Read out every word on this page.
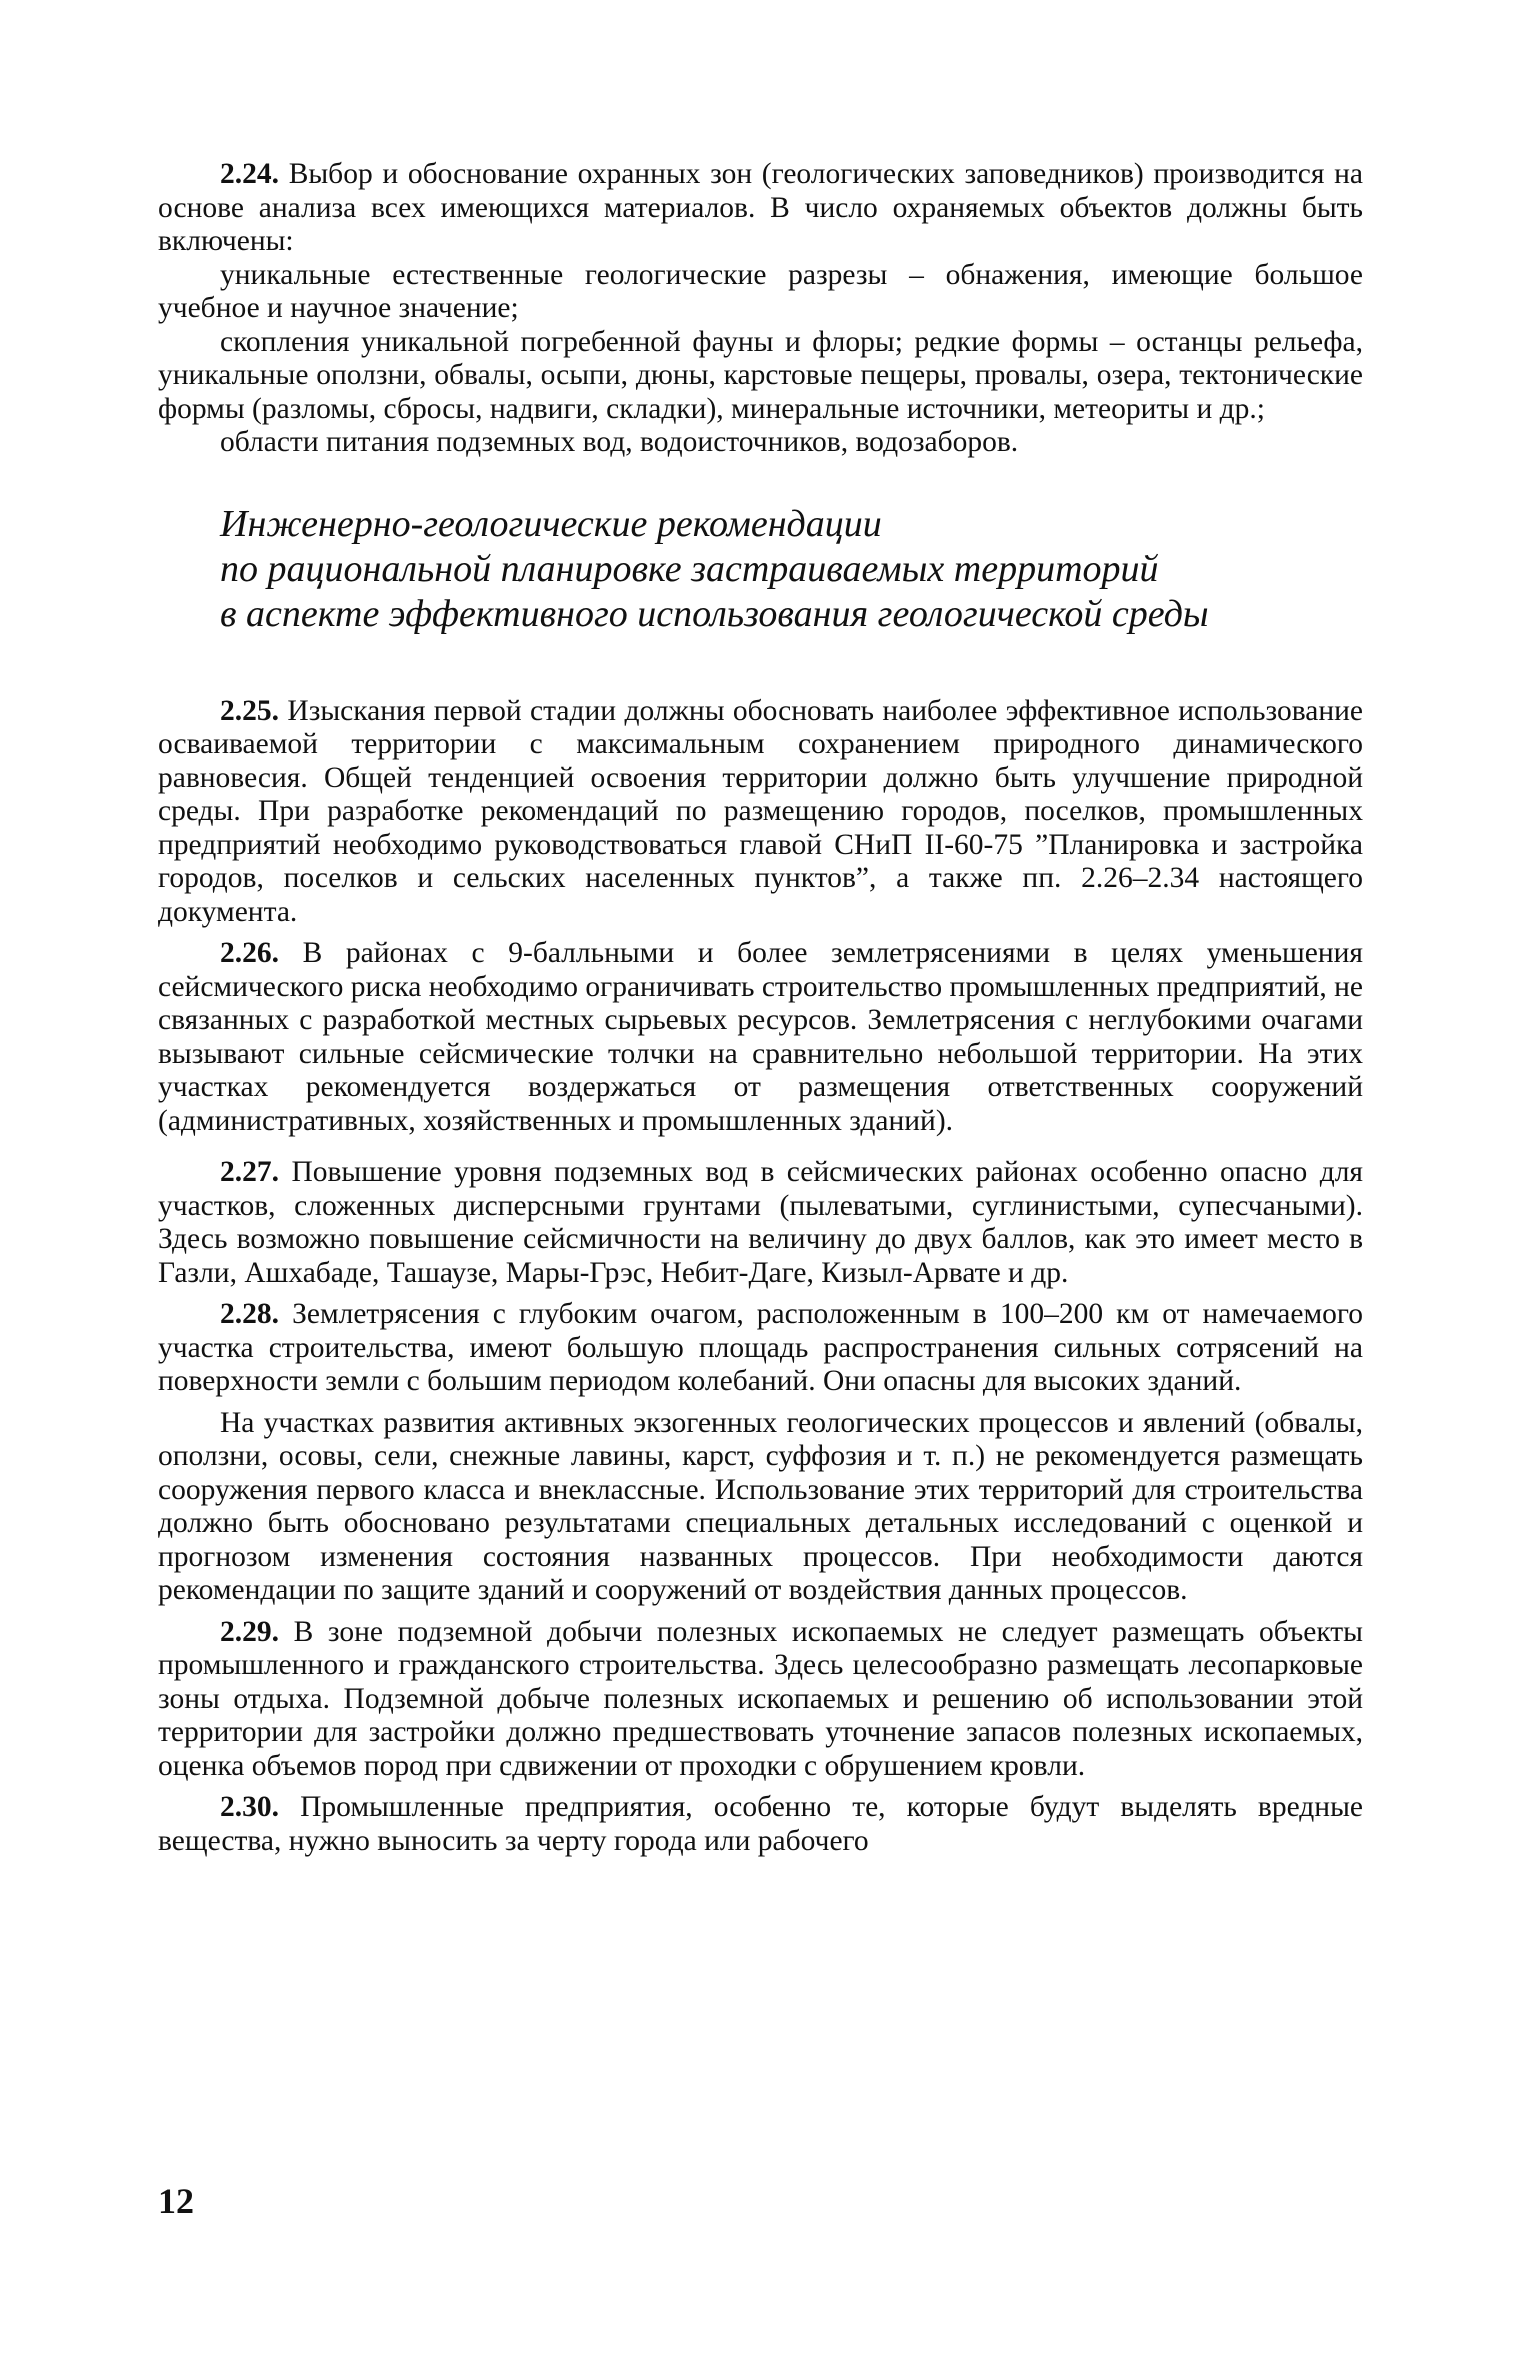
2.24. Выбор и обоснование охранных зон (геологических заповедников) производится на основе анализа всех имеющихся материалов. В число охраняемых объектов должны быть включены:

уникальные естественные геологические разрезы – обнажения, имеющие большое учебное и научное значение;

скопления уникальной погребенной фауны и флоры; редкие формы – останцы рельефа, уникальные оползни, обвалы, осыпи, дюны, карстовые пещеры, провалы, озера, тектонические формы (разломы, сбросы, надвиги, складки), минеральные источники, метеориты и др.;

области питания подземных вод, водоисточников, водозаборов.

Инженерно-геологические рекомендации
по рациональной планировке застраиваемых территорий
в аспекте эффективного использования геологической среды

2.25. Изыскания первой стадии должны обосновать наиболее эффективное использование осваиваемой территории с максимальным сохранением природного динамического равновесия. Общей тенденцией освоения территории должно быть улучшение природной среды. При разработке рекомендаций по размещению городов, поселков, промышленных предприятий необходимо руководствоваться главой СНиП II-60-75 ”Планировка и застройка городов, поселков и сельских населенных пунктов”, а также пп. 2.26–2.34 настоящего документа.

2.26. В районах с 9-балльными и более землетрясениями в целях уменьшения сейсмического риска необходимо ограничивать строительство промышленных предприятий, не связанных с разработкой местных сырьевых ресурсов. Землетрясения с неглубокими очагами вызывают сильные сейсмические толчки на сравнительно небольшой территории. На этих участках рекомендуется воздержаться от размещения ответственных сооружений (административных, хозяйственных и промышленных зданий).

2.27. Повышение уровня подземных вод в сейсмических районах особенно опасно для участков, сложенных дисперсными грунтами (пылеватыми, суглинистыми, супесчаными). Здесь возможно повышение сейсмичности на величину до двух баллов, как это имеет место в Газли, Ашхабаде, Ташаузе, Мары-Грэс, Небит-Даге, Кизыл-Арвате и др.

2.28. Землетрясения с глубоким очагом, расположенным в 100–200 км от намечаемого участка строительства, имеют большую площадь распространения сильных сотрясений на поверхности земли с большим периодом колебаний. Они опасны для высоких зданий.

На участках развития активных экзогенных геологических процессов и явлений (обвалы, оползни, осовы, сели, снежные лавины, карст, суффозия и т. п.) не рекомендуется размещать сооружения первого класса и внеклассные. Использование этих территорий для строительства должно быть обосновано результатами специальных детальных исследований с оценкой и прогнозом изменения состояния названных процессов. При необходимости даются рекомендации по защите зданий и сооружений от воздействия данных процессов.

2.29. В зоне подземной добычи полезных ископаемых не следует размещать объекты промышленного и гражданского строительства. Здесь целесообразно размещать лесопарковые зоны отдыха. Подземной добыче полезных ископаемых и решению об использовании этой территории для застройки должно предшествовать уточнение запасов полезных ископаемых, оценка объемов пород при сдвижении от проходки с обрушением кровли.

2.30. Промышленные предприятия, особенно те, которые будут выделять вредные вещества, нужно выносить за черту города или рабочего

12
